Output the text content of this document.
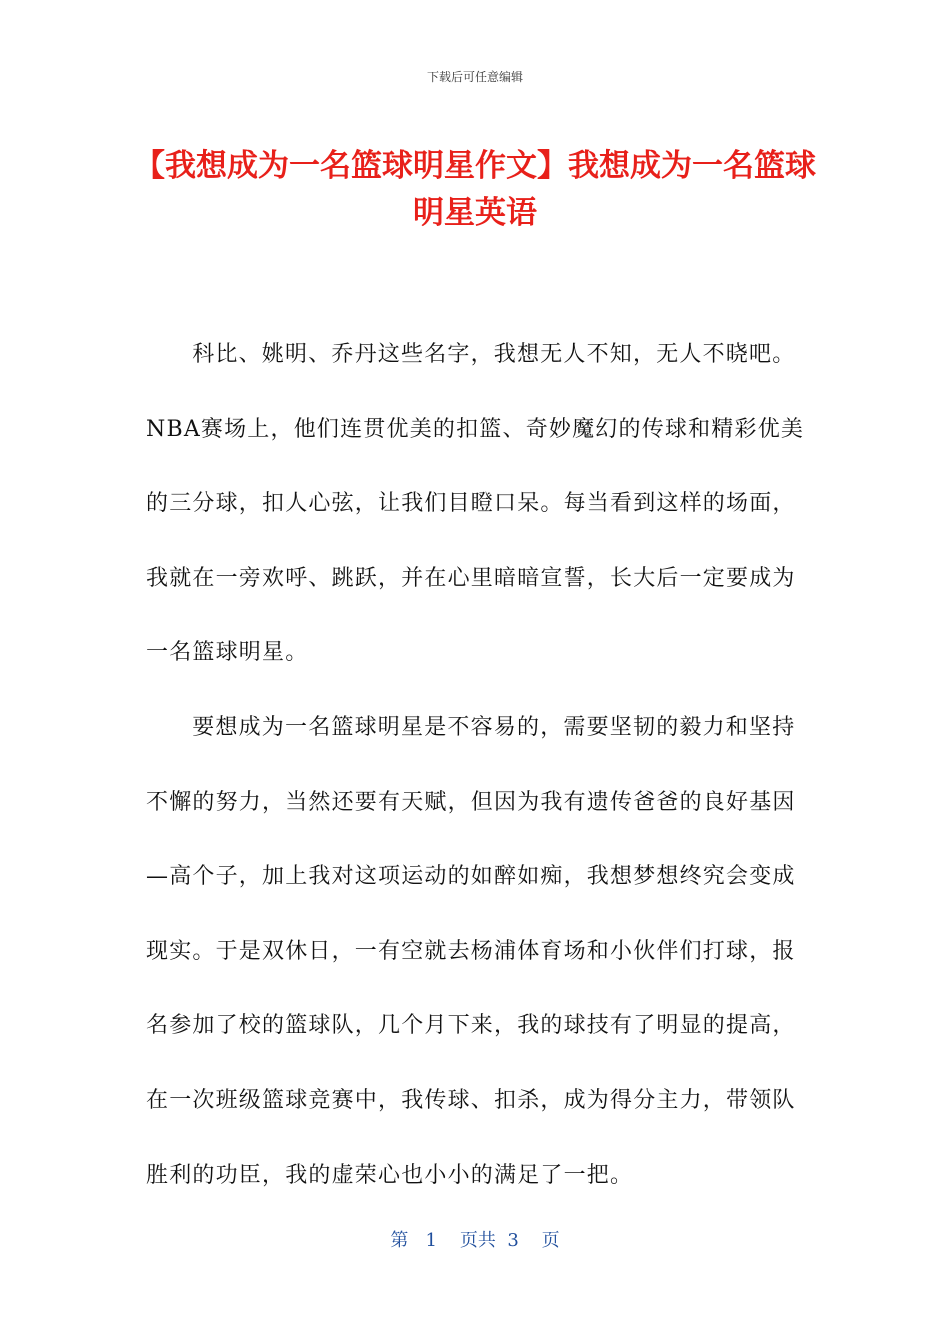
下载后可任意编辑
【我想成为一名篮球明星作文】我想成为一名篮球明星英语

科比、姚明、乔丹这些名字，我想无人不知，无人不晓吧。NBA赛场上，他们连贯优美的扣篮、奇妙魔幻的传球和精彩优美的三分球，扣人心弦，让我们目瞪口呆。每当看到这样的场面，我就在一旁欢呼、跳跃，并在心里暗暗宣誓，长大后一定要成为一名篮球明星。

要想成为一名篮球明星是不容易的，需要坚韧的毅力和坚持不懈的努力，当然还要有天赋，但因为我有遗传爸爸的良好基因—高个子，加上我对这项运动的如醉如痴，我想梦想终究会变成现实。于是双休日，一有空就去杨浦体育场和小伙伴们打球，报名参加了校的篮球队，几个月下来，我的球技有了明显的提高，在一次班级篮球竞赛中，我传球、扣杀，成为得分主力，带领队胜利的功臣，我的虚荣心也小小的满足了一把。

第 1 页共 3 页
